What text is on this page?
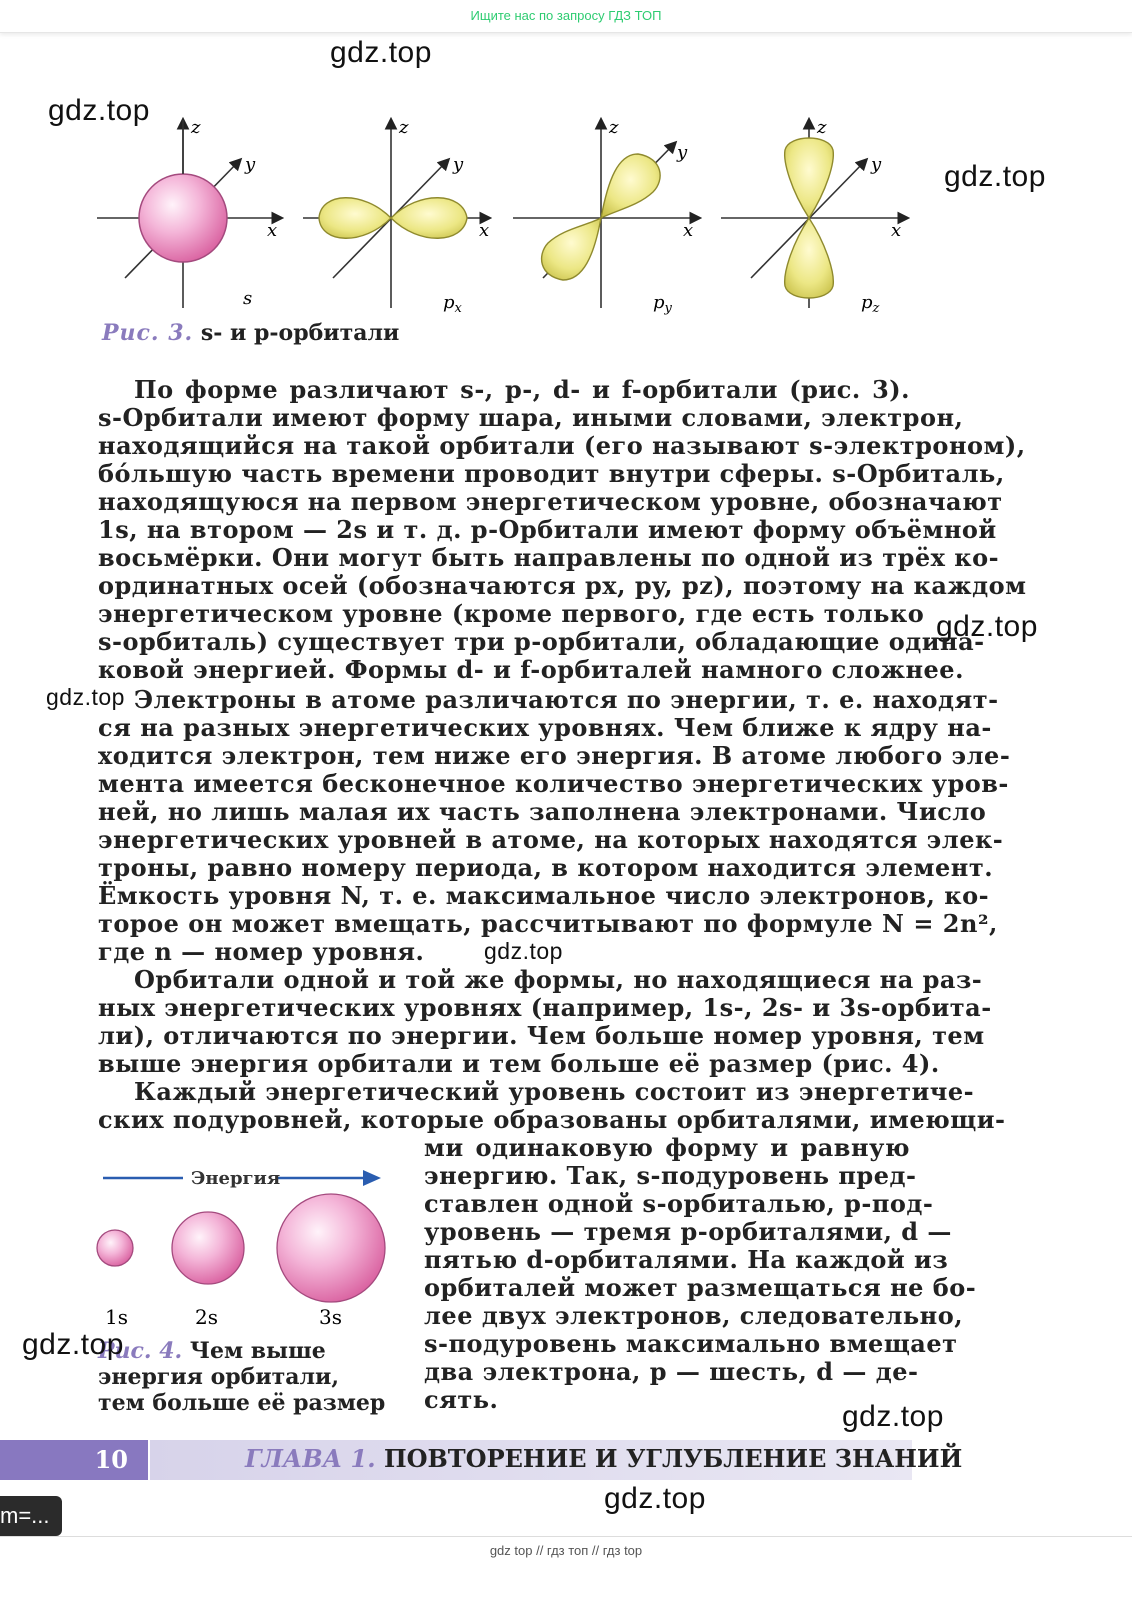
Ищите нас по запросу ГДЗ ТОП
gdz.top
gdz.top
gdz.top
gdz.top
gdz.top
gdz.top
z
y
x
s
z
y
x
$p_x$
z
y
x
$p_y$
z
y
x
$p_z$
Рис. 3. s- и p-орбитали
По форме различают s-, p-, d- и f-орбитали (рис. 3).
s-Орбитали имеют форму шара, иными словами, электрон,
находящийся на такой орбитали (его называют s-электроном),
бо́льшую часть времени проводит внутри сферы. s-Орбиталь,
находящуюся на первом энергетическом уровне, обозначают
1s, на втором — 2s и т. д. p-Орбитали имеют форму объёмной
восьмёрки. Они могут быть направлены по одной из трёх ко-
ординатных осей (обозначаются px, py, pz), поэтому на каждом
энергетическом уровне (кроме первого, где есть только
s-орбиталь) существует три p-орбитали, обладающие одина-
ковой энергией. Формы d- и f-орбиталей намного сложнее.
Электроны в атоме различаются по энергии, т. е. находят-
ся на разных энергетических уровнях. Чем ближе к ядру на-
ходится электрон, тем ниже его энергия. В атоме любого эле-
мента имеется бесконечное количество энергетических уров-
ней, но лишь малая их часть заполнена электронами. Число
энергетических уровней в атоме, на которых находятся элек-
троны, равно номеру периода, в котором находится элемент.
Ёмкость уровня N, т. е. максимальное число электронов, ко-
торое он может вмещать, рассчитывают по формуле N = 2n²,
где n — номер уровня.
Орбитали одной и той же формы, но находящиеся на раз-
ных энергетических уровнях (например, 1s-, 2s- и 3s-орбита-
ли), отличаются по энергии. Чем больше номер уровня, тем
выше энергия орбитали и тем больше её размер (рис. 4).
Каждый энергетический уровень состоит из энергетиче-
ских подуровней, которые образованы орбиталями, имеющи-
ми одинаковую форму и равную
энергию. Так, s-подуровень пред-
ставлен одной s-орбиталью, p-под-
уровень — тремя p-орбиталями, d —
пятью d-орбиталями. На каждой из
орбиталей может размещаться не бо-
лее двух электронов, следовательно,
s-подуровень максимально вмещает
два электрона, p — шесть, d — де-
сять.
Энергия
1s	2s	3s
Рис. 4. Чем выше
энергия орбитали,
тем больше её размер
gdz.top
gdz.top
10	ГЛАВА 1. ПОВТОРЕНИЕ И УГЛУБЛЕНИЕ ЗНАНИЙ
gdz.top
m=...
gdz top // гдз топ // гдз top
